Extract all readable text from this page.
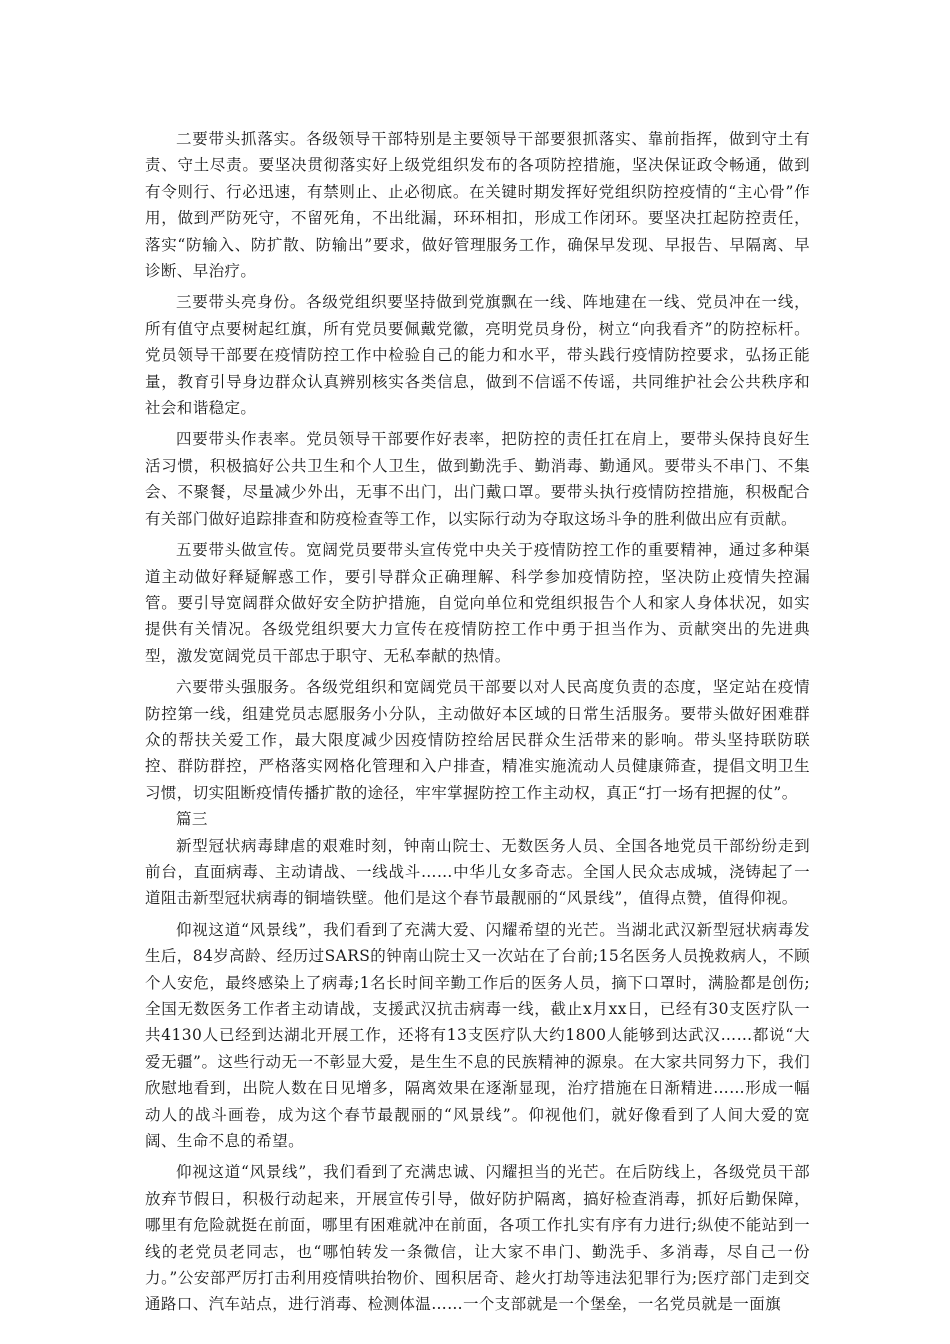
二要带头抓落实。各级领导干部特别是主要领导干部要狠抓落实、靠前指挥，做到守土有责、守土尽责。要坚决贯彻落实好上级党组织发布的各项防控措施，坚决保证政令畅通，做到有令则行、行必迅速，有禁则止、止必彻底。在关键时期发挥好党组织防控疫情的“主心骨”作用，做到严防死守，不留死角，不出纰漏，环环相扣，形成工作闭环。要坚决扛起防控责任，落实“防输入、防扩散、防输出”要求，做好管理服务工作，确保早发现、早报告、早隔离、早诊断、早治疗。

三要带头亮身份。各级党组织要坚持做到党旗飘在一线、阵地建在一线、党员冲在一线，所有值守点要树起红旗，所有党员要佩戴党徽，亮明党员身份，树立“向我看齐”的防控标杆。党员领导干部要在疫情防控工作中检验自己的能力和水平，带头践行疫情防控要求，弘扬正能量，教育引导身边群众认真辨别核实各类信息，做到不信谣不传谣，共同维护社会公共秩序和社会和谐稳定。

四要带头作表率。党员领导干部要作好表率，把防控的责任扛在肩上，要带头保持良好生活习惯，积极搞好公共卫生和个人卫生，做到勤洗手、勤消毒、勤通风。要带头不串门、不集会、不聚餐，尽量减少外出，无事不出门，出门戴口罩。要带头执行疫情防控措施，积极配合有关部门做好追踪排查和防疫检查等工作，以实际行动为夺取这场斗争的胜利做出应有贡献。

五要带头做宣传。宽阔党员要带头宣传党中央关于疫情防控工作的重要精神，通过多种渠道主动做好释疑解惑工作，要引导群众正确理解、科学参加疫情防控，坚决防止疫情失控漏管。要引导宽阔群众做好安全防护措施，自觉向单位和党组织报告个人和家人身体状况，如实提供有关情况。各级党组织要大力宣传在疫情防控工作中勇于担当作为、贡献突出的先进典型，激发宽阔党员干部忠于职守、无私奉献的热情。

六要带头强服务。各级党组织和宽阔党员干部要以对人民高度负责的态度，坚定站在疫情防控第一线，组建党员志愿服务小分队，主动做好本区域的日常生活服务。要带头做好困难群众的帮扶关爱工作，最大限度减少因疫情防控给居民群众生活带来的影响。带头坚持联防联控、群防群控，严格落实网格化管理和入户排查，精准实施流动人员健康筛查，提倡文明卫生习惯，切实阻断疫情传播扩散的途径，牢牢掌握防控工作主动权，真正“打一场有把握的仗”。

篇三

新型冠状病毒肆虐的艰难时刻，钟南山院士、无数医务人员、全国各地党员干部纷纷走到前台，直面病毒、主动请战、一线战斗……中华儿女多奇志。全国人民众志成城，浇铸起了一道阻击新型冠状病毒的铜墙铁壁。他们是这个春节最靓丽的“风景线”，值得点赞，值得仰视。

仰视这道“风景线”，我们看到了充满大爱、闪耀希望的光芒。当湖北武汉新型冠状病毒发生后，84岁高龄、经历过SARS的钟南山院士又一次站在了台前;15名医务人员挽救病人，不顾个人安危，最终感染上了病毒;1名长时间辛勤工作后的医务人员，摘下口罩时，满脸都是创伤;全国无数医务工作者主动请战，支援武汉抗击病毒一线，截止x月xx日，已经有30支医疗队一共4130人已经到达湖北开展工作，还将有13支医疗队大约1800人能够到达武汉……都说“大爱无疆”。这些行动无一不彰显大爱，是生生不息的民族精神的源泉。在大家共同努力下，我们欣慰地看到，出院人数在日见增多，隔离效果在逐渐显现，治疗措施在日渐精进……形成一幅动人的战斗画卷，成为这个春节最靓丽的“风景线”。仰视他们，就好像看到了人间大爱的宽阔、生命不息的希望。

仰视这道“风景线”，我们看到了充满忠诚、闪耀担当的光芒。在后防线上，各级党员干部放弃节假日，积极行动起来，开展宣传引导，做好防护隔离，搞好检查消毒，抓好后勤保障，哪里有危险就挺在前面，哪里有困难就冲在前面，各项工作扎实有序有力进行;纵使不能站到一线的老党员老同志，也“哪怕转发一条微信，让大家不串门、勤洗手、多消毒，尽自己一份力。”公安部严厉打击利用疫情哄抬物价、囤积居奇、趁火打劫等违法犯罪行为;医疗部门走到交通路口、汽车站点，进行消毒、检测体温……一个支部就是一个堡垒，一名党员就是一面旗
